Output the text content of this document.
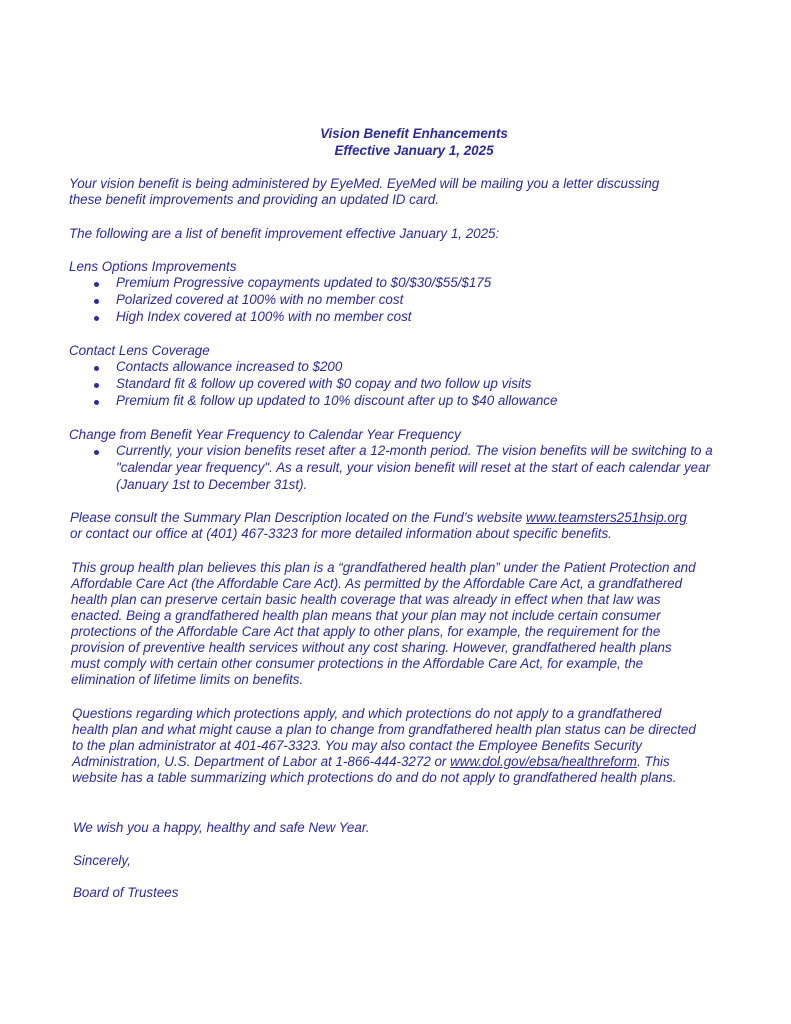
Vision Benefit Enhancements
Effective January 1, 2025
Your vision benefit is being administered by EyeMed. EyeMed will be mailing you a letter discussing
these benefit improvements and providing an updated ID card.
The following are a list of benefit improvement effective January 1, 2025:
Lens Options Improvements
Premium Progressive copayments updated to $0/$30/$55/$175
Polarized covered at 100% with no member cost
High Index covered at 100% with no member cost
Contact Lens Coverage
Contacts allowance increased to $200
Standard fit & follow up covered with $0 copay and two follow up visits
Premium fit & follow up updated to 10% discount after up to $40 allowance
Change from Benefit Year Frequency to Calendar Year Frequency
Currently, your vision benefits reset after a 12-month period. The vision benefits will be switching to a
"calendar year frequency". As a result, your vision benefit will reset at the start of each calendar year
(January 1st to December 31st).
Please consult the Summary Plan Description located on the Fund’s website www.teamsters251hsip.org
or contact our office at (401) 467-3323 for more detailed information about specific benefits.
This group health plan believes this plan is a “grandfathered health plan” under the Patient Protection and
Affordable Care Act (the Affordable Care Act). As permitted by the Affordable Care Act, a grandfathered
health plan can preserve certain basic health coverage that was already in effect when that law was
enacted. Being a grandfathered health plan means that your plan may not include certain consumer
protections of the Affordable Care Act that apply to other plans, for example, the requirement for the
provision of preventive health services without any cost sharing. However, grandfathered health plans
must comply with certain other consumer protections in the Affordable Care Act, for example, the
elimination of lifetime limits on benefits.
Questions regarding which protections apply, and which protections do not apply to a grandfathered
health plan and what might cause a plan to change from grandfathered health plan status can be directed
to the plan administrator at 401-467-3323. You may also contact the Employee Benefits Security
Administration, U.S. Department of Labor at 1-866-444-3272 or www.dol.gov/ebsa/healthreform. This
website has a table summarizing which protections do and do not apply to grandfathered health plans.
We wish you a happy, healthy and safe New Year.
Sincerely,
Board of Trustees
